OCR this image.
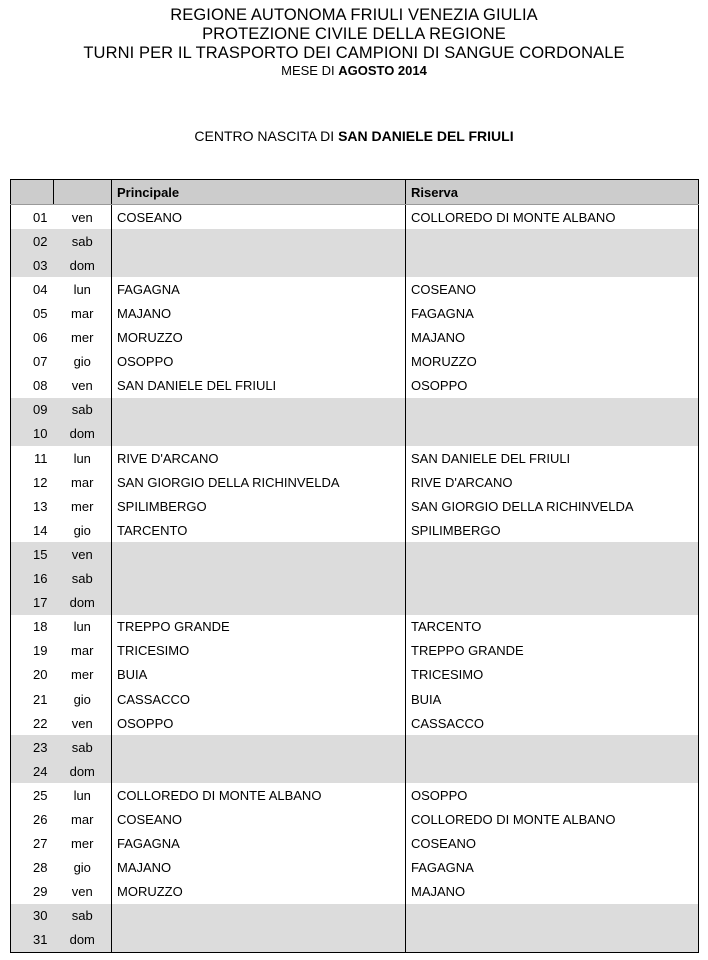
REGIONE AUTONOMA FRIULI VENEZIA GIULIA
PROTEZIONE CIVILE DELLA REGIONE
TURNI PER IL TRASPORTO DEI CAMPIONI DI SANGUE CORDONALE
MESE DI AGOSTO 2014
CENTRO NASCITA DI SAN DANIELE DEL FRIULI
		Principale	Riserva
01	ven	COSEANO	COLLOREDO DI MONTE ALBANO
02	sab		
03	dom		
04	lun	FAGAGNA	COSEANO
05	mar	MAJANO	FAGAGNA
06	mer	MORUZZO	MAJANO
07	gio	OSOPPO	MORUZZO
08	ven	SAN DANIELE DEL FRIULI	OSOPPO
09	sab		
10	dom		
11	lun	RIVE D'ARCANO	SAN DANIELE DEL FRIULI
12	mar	SAN GIORGIO DELLA RICHINVELDA	RIVE D'ARCANO
13	mer	SPILIMBERGO	SAN GIORGIO DELLA RICHINVELDA
14	gio	TARCENTO	SPILIMBERGO
15	ven		
16	sab		
17	dom		
18	lun	TREPPO GRANDE	TARCENTO
19	mar	TRICESIMO	TREPPO GRANDE
20	mer	BUIA	TRICESIMO
21	gio	CASSACCO	BUIA
22	ven	OSOPPO	CASSACCO
23	sab		
24	dom		
25	lun	COLLOREDO DI MONTE ALBANO	OSOPPO
26	mar	COSEANO	COLLOREDO DI MONTE ALBANO
27	mer	FAGAGNA	COSEANO
28	gio	MAJANO	FAGAGNA
29	ven	MORUZZO	MAJANO
30	sab		
31	dom		
